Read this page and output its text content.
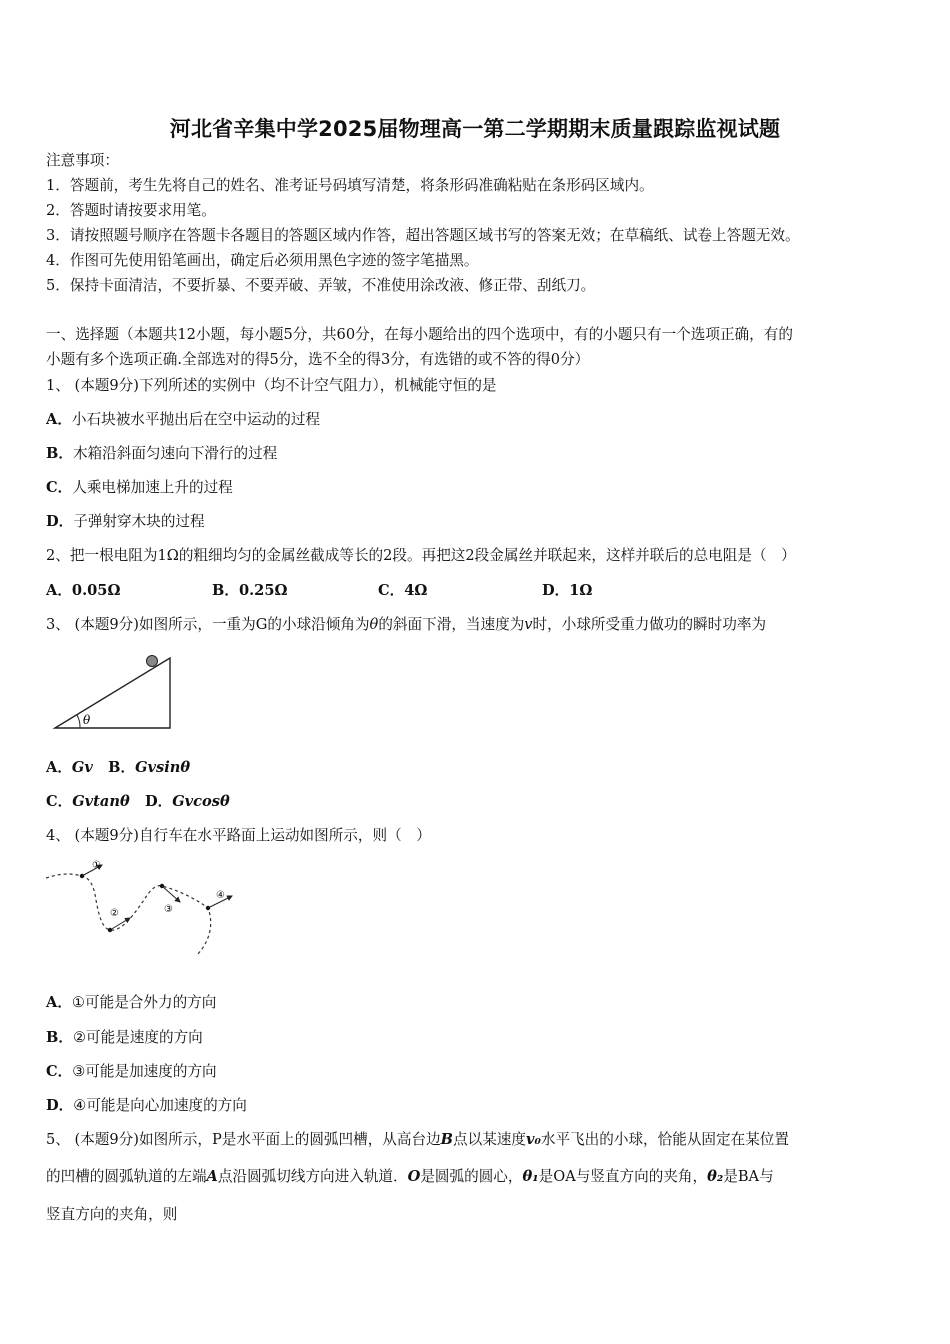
河北省辛集中学2025届物理高一第二学期期末质量跟踪监视试题
注意事项：
1．答题前，考生先将自己的姓名、准考证号码填写清楚，将条形码准确粘贴在条形码区域内。
2．答题时请按要求用笔。
3．请按照题号顺序在答题卡各题目的答题区域内作答，超出答题区域书写的答案无效；在草稿纸、试卷上答题无效。
4．作图可先使用铅笔画出，确定后必须用黑色字迹的签字笔描黑。
5．保持卡面清洁，不要折暴、不要弄破、弄皱，不准使用涂改液、修正带、刮纸刀。
一、选择题（本题共12小题，每小题5分，共60分，在每小题给出的四个选项中，有的小题只有一个选项正确，有的
小题有多个选项正确.全部选对的得5分，选不全的得3分，有选错的或不答的得0分）
1、 (本题9分)下列所述的实例中（均不计空气阻力），机械能守恒的是
A．小石块被水平抛出后在空中运动的过程
B．木箱沿斜面匀速向下滑行的过程
C．人乘电梯加速上升的过程
D．子弹射穿木块的过程
2、把一根电阻为1Ω的粗细均匀的金属丝截成等长的2段。再把这2段金属丝并联起来，这样并联后的总电阻是（　）
A．0.05Ω	B．0.25Ω	C．4Ω	D．1Ω
3、 (本题9分)如图所示，一重为G的小球沿倾角为θ的斜面下滑，当速度为v时，小球所受重力做功的瞬时功率为
θ
A．Gv B．Gvsinθ
C．Gvtanθ D．Gvcosθ
4、 (本题9分)自行车在水平路面上运动如图所示，则（　）
①
②	③
④
A．①可能是合外力的方向
B．②可能是速度的方向
C．③可能是加速度的方向
D．④可能是向心加速度的方向
5、 (本题9分)如图所示，P是水平面上的圆弧凹槽，从高台边B点以某速度v₀水平飞出的小球，恰能从固定在某位置
的凹槽的圆弧轨道的左端A点沿圆弧切线方向进入轨道．O是圆弧的圆心，θ₁是OA与竖直方向的夹角，θ₂是BA与
竖直方向的夹角，则
